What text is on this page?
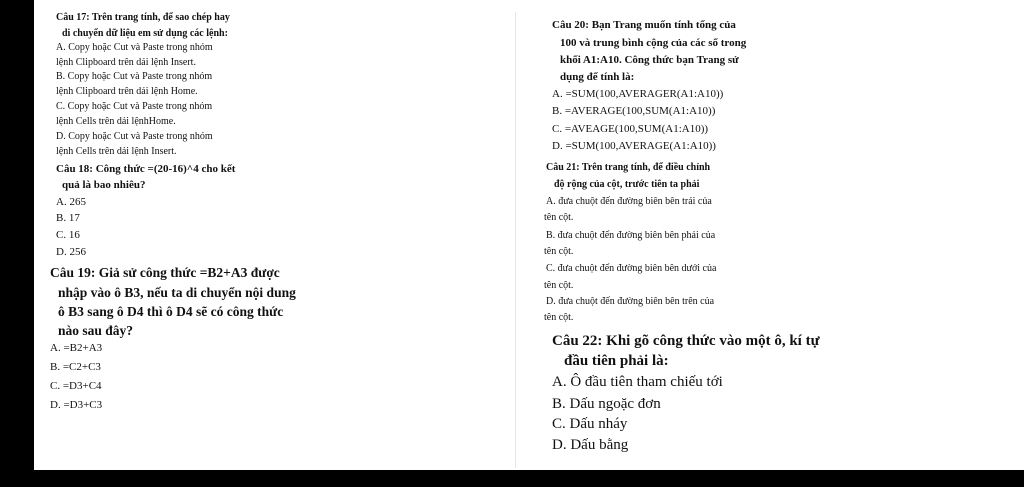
Câu 17: Trên trang tính, để sao chép hay
di chuyển dữ liệu em sử dụng các lệnh:
A. Copy hoặc Cut và Paste trong nhóm
lệnh Clipboard trên dải lệnh Insert.
B. Copy hoặc Cut và Paste trong nhóm
lệnh Clipboard trên dải lệnh Home.
C. Copy hoặc Cut và Paste trong nhóm
lệnh Cells trên dải lệnhHome.
D. Copy hoặc Cut và Paste trong nhóm
lệnh Cells trên dải lệnh Insert.
Câu 18: Công thức =(20-16)^4 cho kết
quả là bao nhiêu?
A. 265
B. 17
C. 16
D. 256
Câu 19: Giả sử công thức =B2+A3 được
nhập vào ô B3, nếu ta di chuyển nội dung
ô B3 sang ô D4 thì ô D4 sẽ có công thức
nào sau đây?
A. =B2+A3
B. =C2+C3
C. =D3+C4
D. =D3+C3
Câu 20: Bạn Trang muốn tính tổng của
100 và trung bình cộng của các số trong
khối A1:A10. Công thức bạn Trang sử
dụng để tính là:
A. =SUM(100,AVERAGER(A1:A10))
B. =AVERAGE(100,SUM(A1:A10))
C. =AVEAGE(100,SUM(A1:A10))
D. =SUM(100,AVERAGE(A1:A10))
Câu 21: Trên trang tính, để điều chỉnh
độ rộng của cột, trước tiên ta phải
A. đưa chuột đến đường biên bên trái của
tên cột.
B. đưa chuột đến đường biên bên phải của
tên cột.
C. đưa chuột đến đường biên bên dưới của
tên cột.
D. đưa chuột đến đường biên bên trên của
tên cột.
Câu 22: Khi gõ công thức vào một ô, kí tự
đầu tiên phải là:
A. Ô đầu tiên tham chiếu tới
B. Dấu ngoặc đơn
C. Dấu nháy
D. Dấu bằng
